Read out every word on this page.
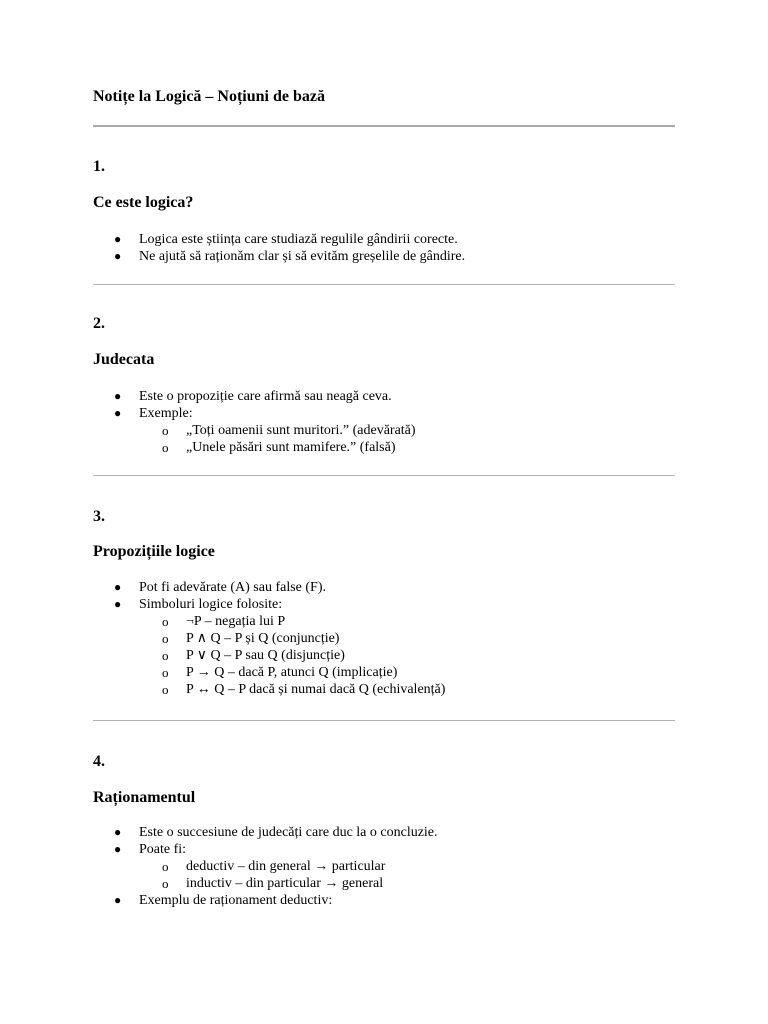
Notițe la Logică – Noțiuni de bază
1.
Ce este logica?
● Logica este știința care studiază regulile gândirii corecte.
● Ne ajută să raționăm clar și să evităm greșelile de gândire.
2.
Judecata
● Este o propoziție care afirmă sau neagă ceva.
● Exemple:
o „Toți oamenii sunt muritori.” (adevărată)
o „Unele păsări sunt mamifere.” (falsă)
3.
Propozițiile logice
● Pot fi adevărate (A) sau false (F).
● Simboluri logice folosite:
o ¬P – negația lui P
o P ∧ Q – P și Q (conjuncție)
o P ∨ Q – P sau Q (disjuncție)
o P → Q – dacă P, atunci Q (implicație)
o P ↔ Q – P dacă și numai dacă Q (echivalență)
4.
Raționamentul
● Este o succesiune de judecăți care duc la o concluzie.
● Poate fi:
o deductiv – din general → particular
o inductiv – din particular → general
● Exemplu de raționament deductiv:
